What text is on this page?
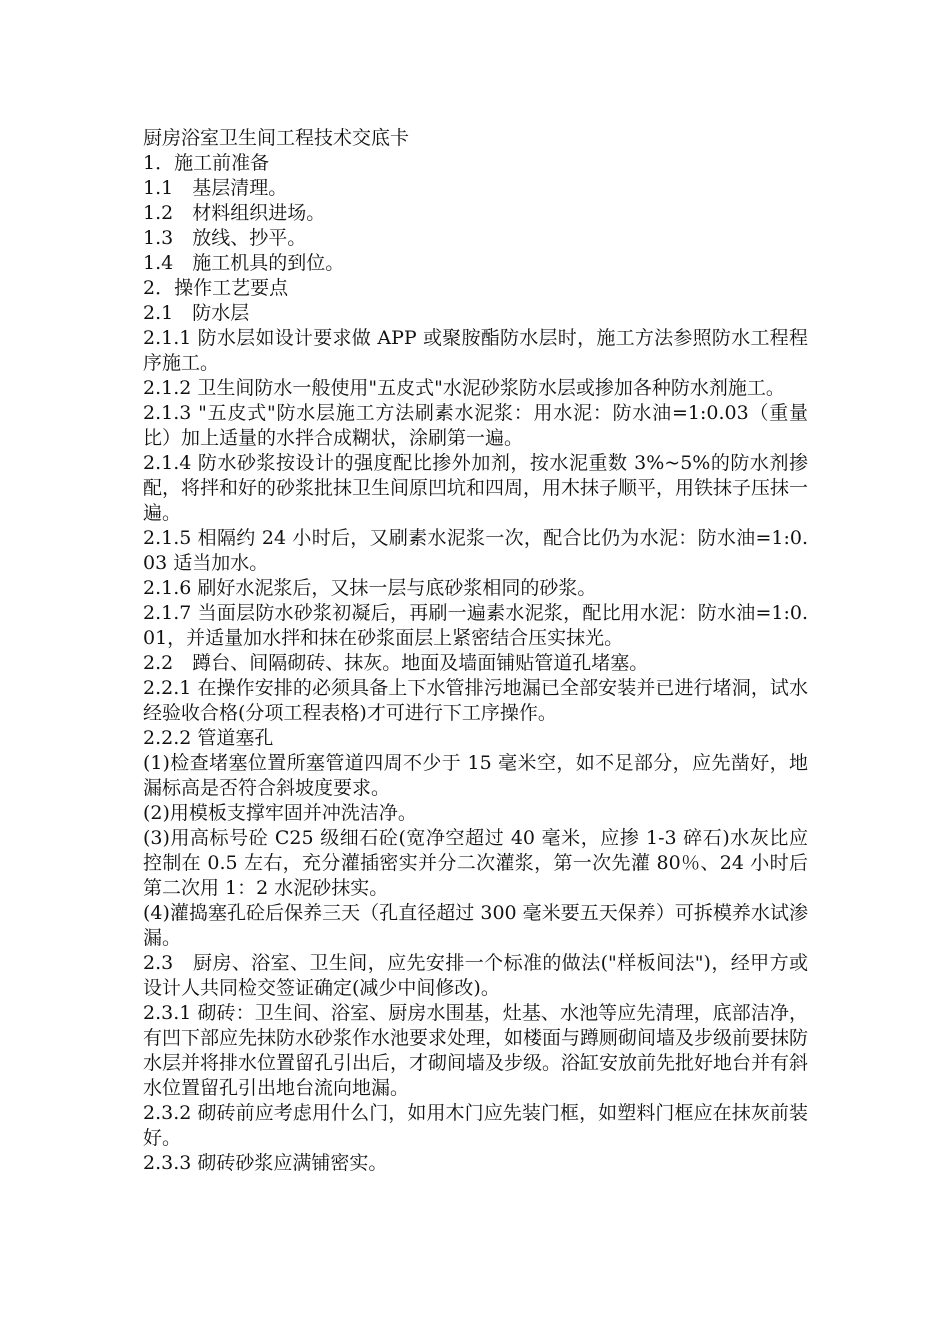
厨房浴室卫生间工程技术交底卡
1．施工前准备
1.1　基层清理。
1.2　材料组织进场。
1.3　放线、抄平。
1.4　施工机具的到位。
2．操作工艺要点
2.1　防水层
2.1.1 防水层如设计要求做 APP 或聚胺酯防水层时，施工方法参照防水工程程序施工。
2.1.2 卫生间防水一般使用"五皮式"水泥砂浆防水层或掺加各种防水剂施工。
2.1.3 "五皮式"防水层施工方法刷素水泥浆：用水泥：防水油=1:0.03（重量比）加上适量的水拌合成糊状，涂刷第一遍。
2.1.4 防水砂浆按设计的强度配比掺外加剂，按水泥重数 3%~5%的防水剂掺配，将拌和好的砂浆批抹卫生间原凹坑和四周，用木抹子顺平，用铁抹子压抹一遍。
2.1.5 相隔约 24 小时后，又刷素水泥浆一次，配合比仍为水泥：防水油=1:0.03 适当加水。
2.1.6 刷好水泥浆后，又抹一层与底砂浆相同的砂浆。
2.1.7 当面层防水砂浆初凝后，再刷一遍素水泥浆，配比用水泥：防水油=1:0.01，并适量加水拌和抹在砂浆面层上紧密结合压实抹光。
2.2　蹲台、间隔砌砖、抹灰。地面及墙面铺贴管道孔堵塞。
2.2.1 在操作安排的必须具备上下水管排污地漏已全部安装并已进行堵洞，试水经验收合格(分项工程表格)才可进行下工序操作。
2.2.2 管道塞孔
(1)检查堵塞位置所塞管道四周不少于 15 毫米空，如不足部分，应先凿好，地漏标高是否符合斜坡度要求。
(2)用模板支撑牢固并冲洗洁净。
(3)用高标号砼 C25 级细石砼(宽净空超过 40 毫米，应掺 1-3 碎石)水灰比应控制在 0.5 左右，充分灌插密实并分二次灌浆，第一次先灌 80％、24 小时后第二次用 1：2 水泥砂抹实。
(4)灌捣塞孔砼后保养三天（孔直径超过 300 毫米要五天保养）可拆模养水试渗漏。
2.3　厨房、浴室、卫生间，应先安排一个标准的做法("样板间法")，经甲方或设计人共同检交签证确定(减少中间修改)。
2.3.1 砌砖：卫生间、浴室、厨房水围基，灶基、水池等应先清理，底部洁净，有凹下部应先抹防水砂浆作水池要求处理，如楼面与蹲厕砌间墙及步级前要抹防水层并将排水位置留孔引出后，才砌间墙及步级。浴缸安放前先批好地台并有斜水位置留孔引出地台流向地漏。
2.3.2 砌砖前应考虑用什么门，如用木门应先装门框，如塑料门框应在抹灰前装好。
2.3.3 砌砖砂浆应满铺密实。
